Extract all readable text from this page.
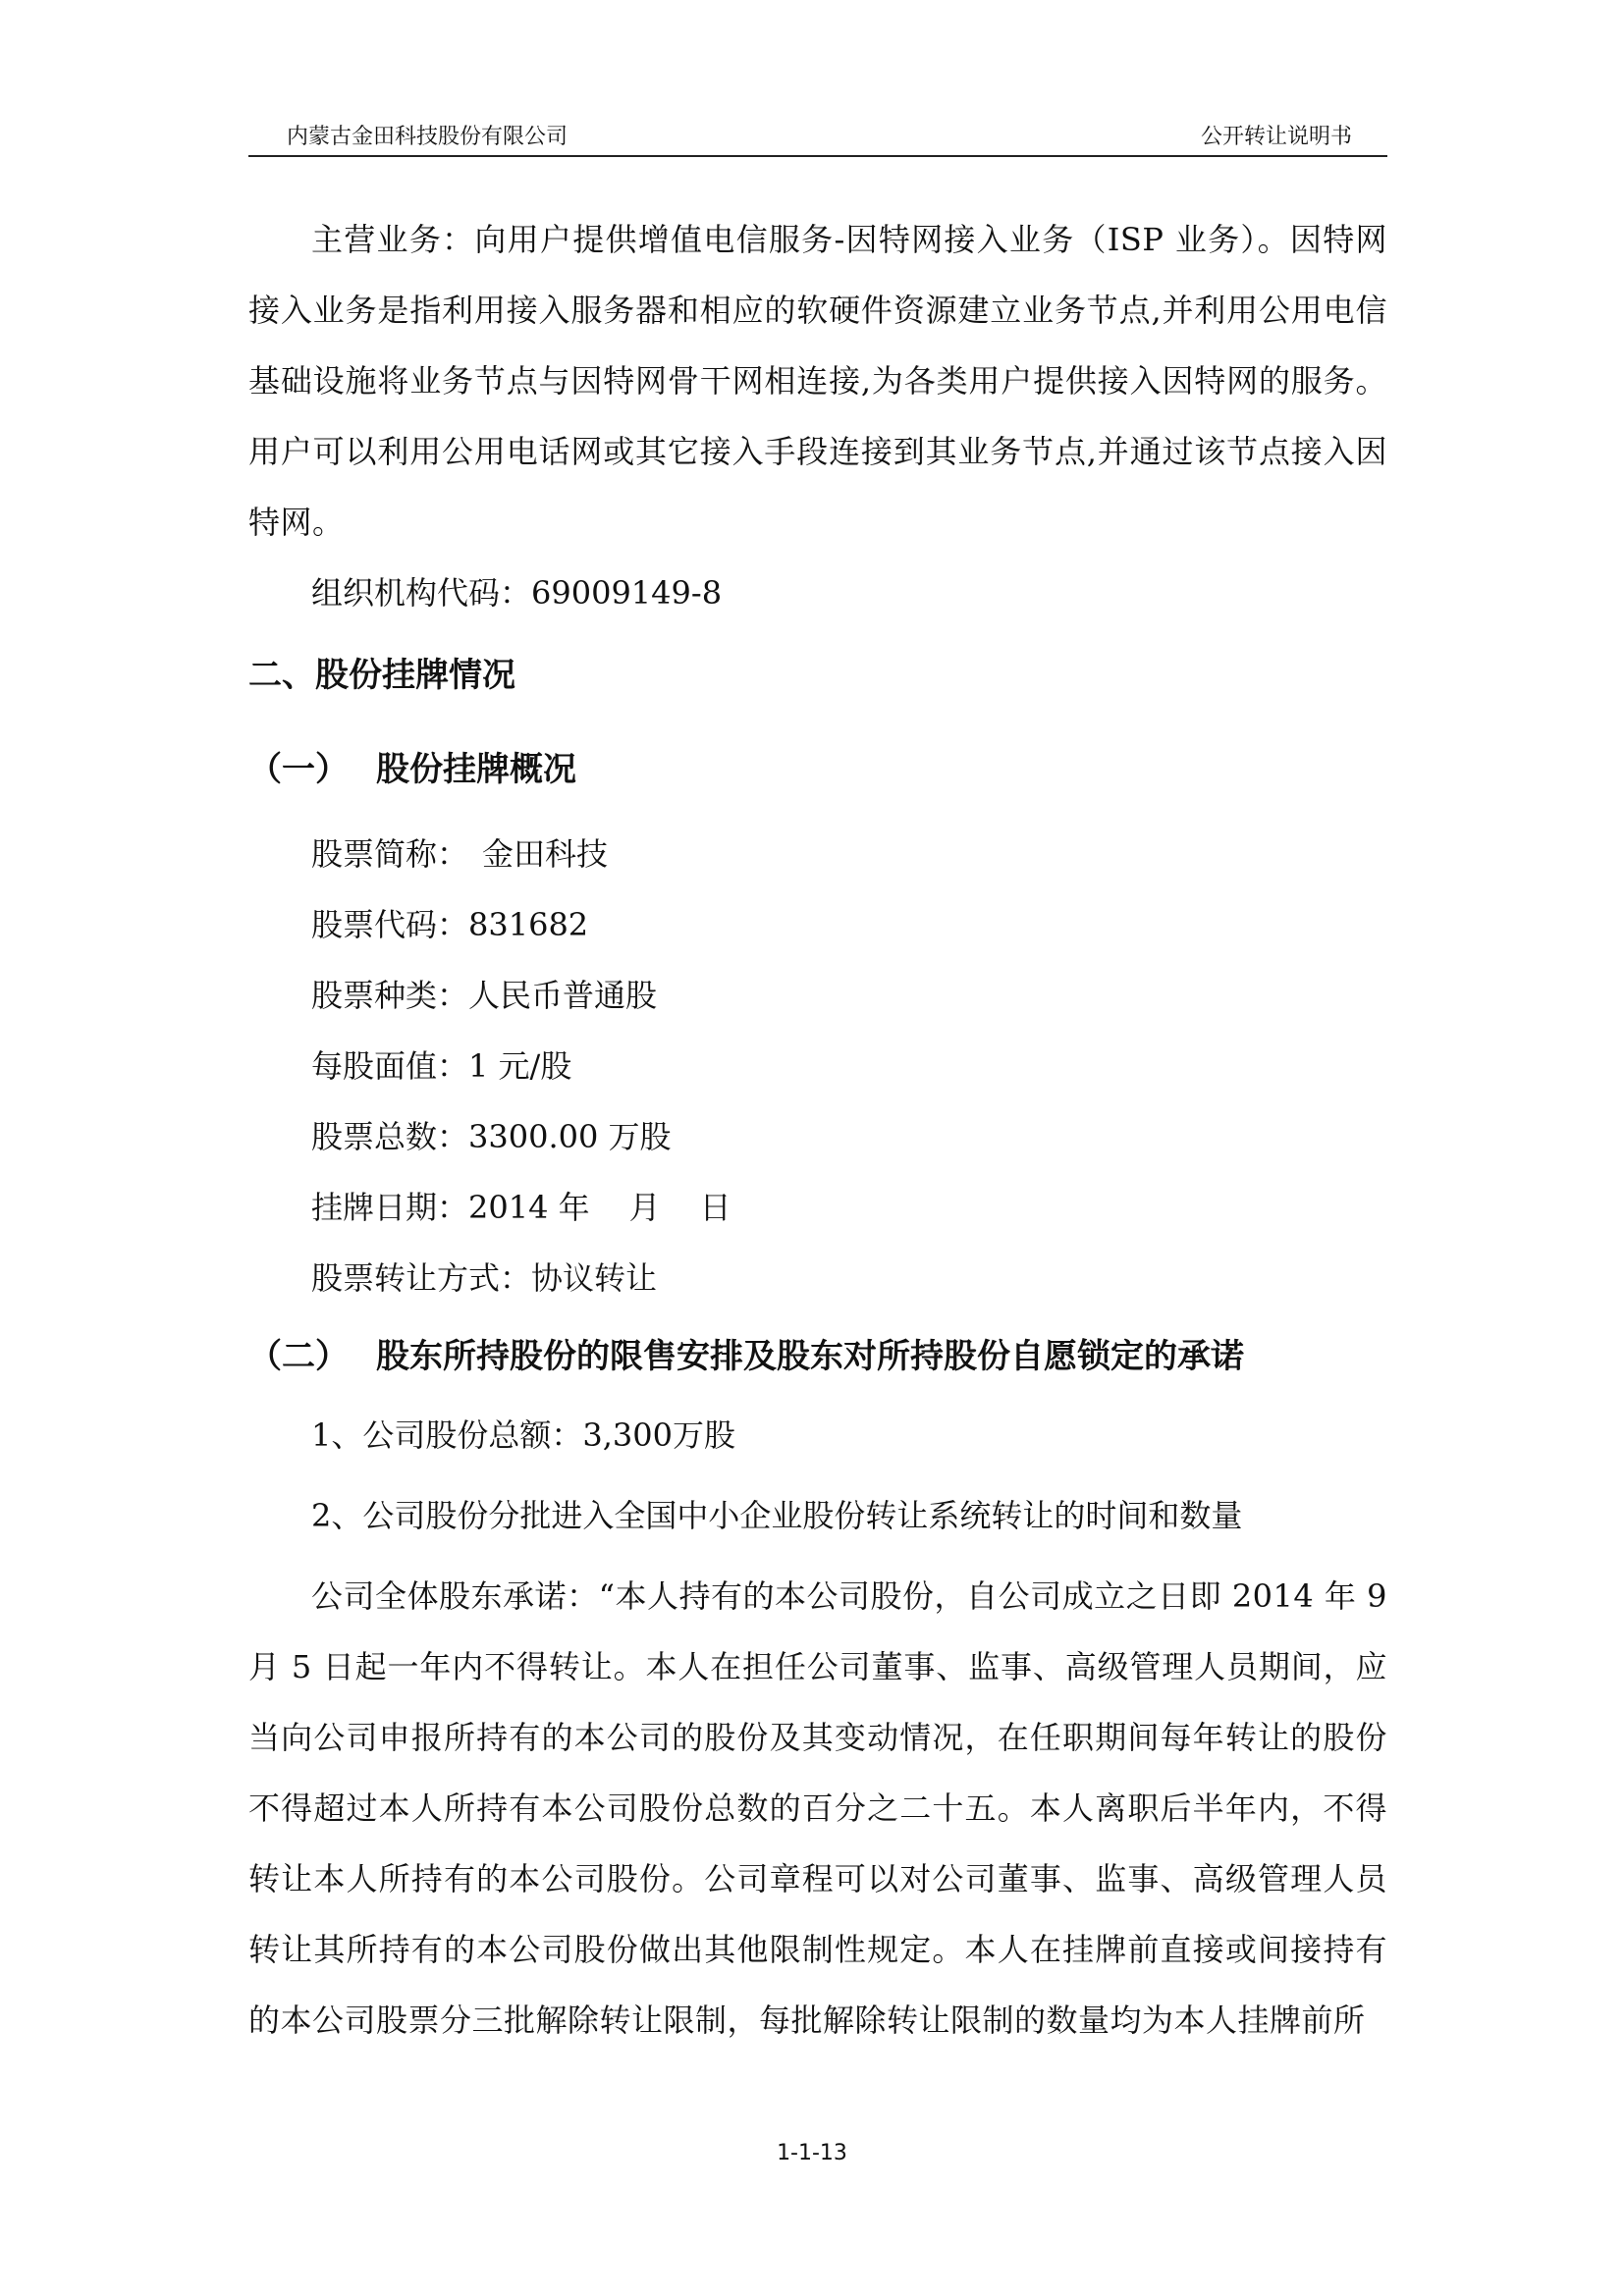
内蒙古金田科技股份有限公司	公开转让说明书

主营业务：向用户提供增值电信服务-因特网接入业务（ISP 业务）。因特网接入业务是指利用接入服务器和相应的软硬件资源建立业务节点,并利用公用电信基础设施将业务节点与因特网骨干网相连接,为各类用户提供接入因特网的服务。用户可以利用公用电话网或其它接入手段连接到其业务节点,并通过该节点接入因特网。

组织机构代码：69009149-8

二、股份挂牌情况
（一） 股份挂牌概况

股票简称： 金田科技

股票代码：831682

股票种类：人民币普通股

每股面值：1 元/股

股票总数：3300.00 万股

挂牌日期：2014 年 月 日

股票转让方式：协议转让

（二） 股东所持股份的限售安排及股东对所持股份自愿锁定的承诺

1、公司股份总额：3,300万股

2、公司股份分批进入全国中小企业股份转让系统转让的时间和数量

公司全体股东承诺：“本人持有的本公司股份，自公司成立之日即 2014 年 9 月 5 日起一年内不得转让。本人在担任公司董事、监事、高级管理人员期间，应当向公司申报所持有的本公司的股份及其变动情况，在任职期间每年转让的股份不得超过本人所持有本公司股份总数的百分之二十五。本人离职后半年内，不得转让本人所持有的本公司股份。公司章程可以对公司董事、监事、高级管理人员转让其所持有的本公司股份做出其他限制性规定。本人在挂牌前直接或间接持有的本公司股票分三批解除转让限制，每批解除转让限制的数量均为本人挂牌前所

1-1-13
